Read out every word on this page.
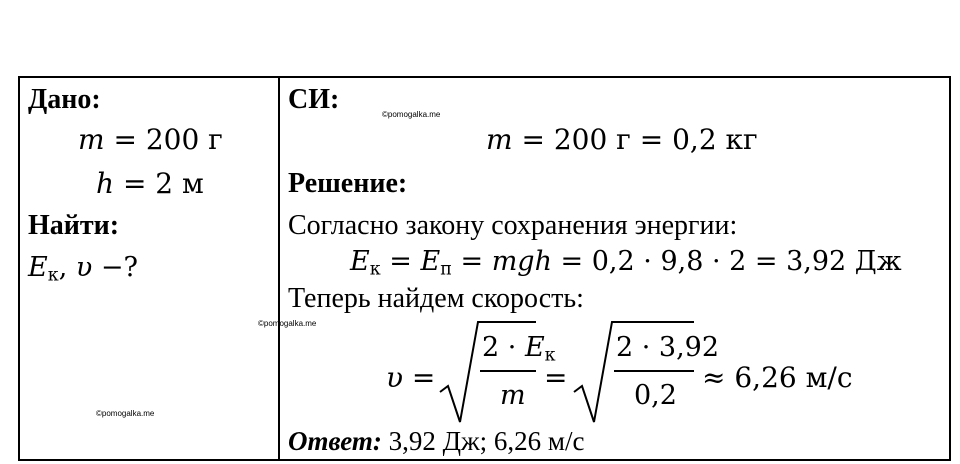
Дано:
m = 200 г
h = 2 м
Найти:
$E_к$, υ −?
©pomogalka.me
СИ:	©pomogalka.me
m = 200 г = 0,2 кг
Решение:
Согласно закону сохранения энергии:
$E_к = E_п$ = mgh = 0,2 · 9,8 · 2 = 3,92 Дж
Теперь найдем скорость:
©pomogalka.me
υ =
$2 \cdot E_к$
m
=
2 · 3,92
0,2
≈ 6,26 м/с
Ответ: 3,92 Дж; 6,26 м/с
